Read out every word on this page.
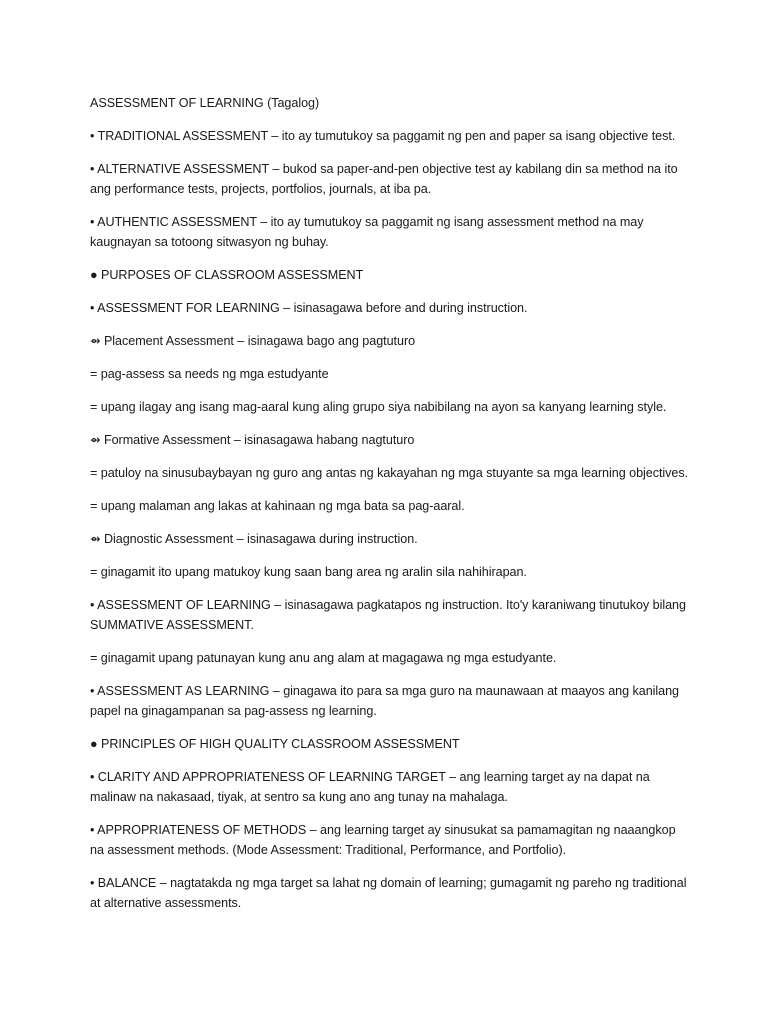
ASSESSMENT OF LEARNING (Tagalog)

• TRADITIONAL ASSESSMENT – ito ay tumutukoy sa paggamit ng pen and paper sa isang objective test.

• ALTERNATIVE ASSESSMENT – bukod sa paper-and-pen objective test ay kabilang din sa method na ito ang performance tests, projects, portfolios, journals, at iba pa.

• AUTHENTIC ASSESSMENT – ito ay tumutukoy sa paggamit ng isang assessment method na may kaugnayan sa totoong sitwasyon ng buhay.

● PURPOSES OF CLASSROOM ASSESSMENT

• ASSESSMENT FOR LEARNING – isinasagawa before and during instruction.

⇴ Placement Assessment – isinagawa bago ang pagtuturo

= pag-assess sa needs ng mga estudyante

= upang ilagay ang isang mag-aaral kung aling grupo siya nabibilang na ayon sa kanyang learning style.

⇴ Formative Assessment – isinasagawa habang nagtuturo

= patuloy na sinusubaybayan ng guro ang antas ng kakayahan ng mga stuyante sa mga learning objectives.

= upang malaman ang lakas at kahinaan ng mga bata sa pag-aaral.

⇴ Diagnostic Assessment – isinasagawa during instruction.

= ginagamit ito upang matukoy kung saan bang area ng aralin sila nahihirapan.

• ASSESSMENT OF LEARNING – isinasagawa pagkatapos ng instruction. Ito'y karaniwang tinutukoy bilang SUMMATIVE ASSESSMENT.

= ginagamit upang patunayan kung anu ang alam at magagawa ng mga estudyante.

• ASSESSMENT AS LEARNING – ginagawa ito para sa mga guro na maunawaan at maayos ang kanilang papel na ginagampanan sa pag-assess ng learning.

● PRINCIPLES OF HIGH QUALITY CLASSROOM ASSESSMENT

• CLARITY AND APPROPRIATENESS OF LEARNING TARGET – ang learning target ay na dapat na malinaw na nakasaad, tiyak, at sentro sa kung ano ang tunay na mahalaga.

• APPROPRIATENESS OF METHODS – ang learning target ay sinusukat sa pamamagitan ng naaangkop na assessment methods. (Mode Assessment: Traditional, Performance, and Portfolio).

• BALANCE – nagtatakda ng mga target sa lahat ng domain of learning; gumagamit ng pareho ng traditional at alternative assessments.
